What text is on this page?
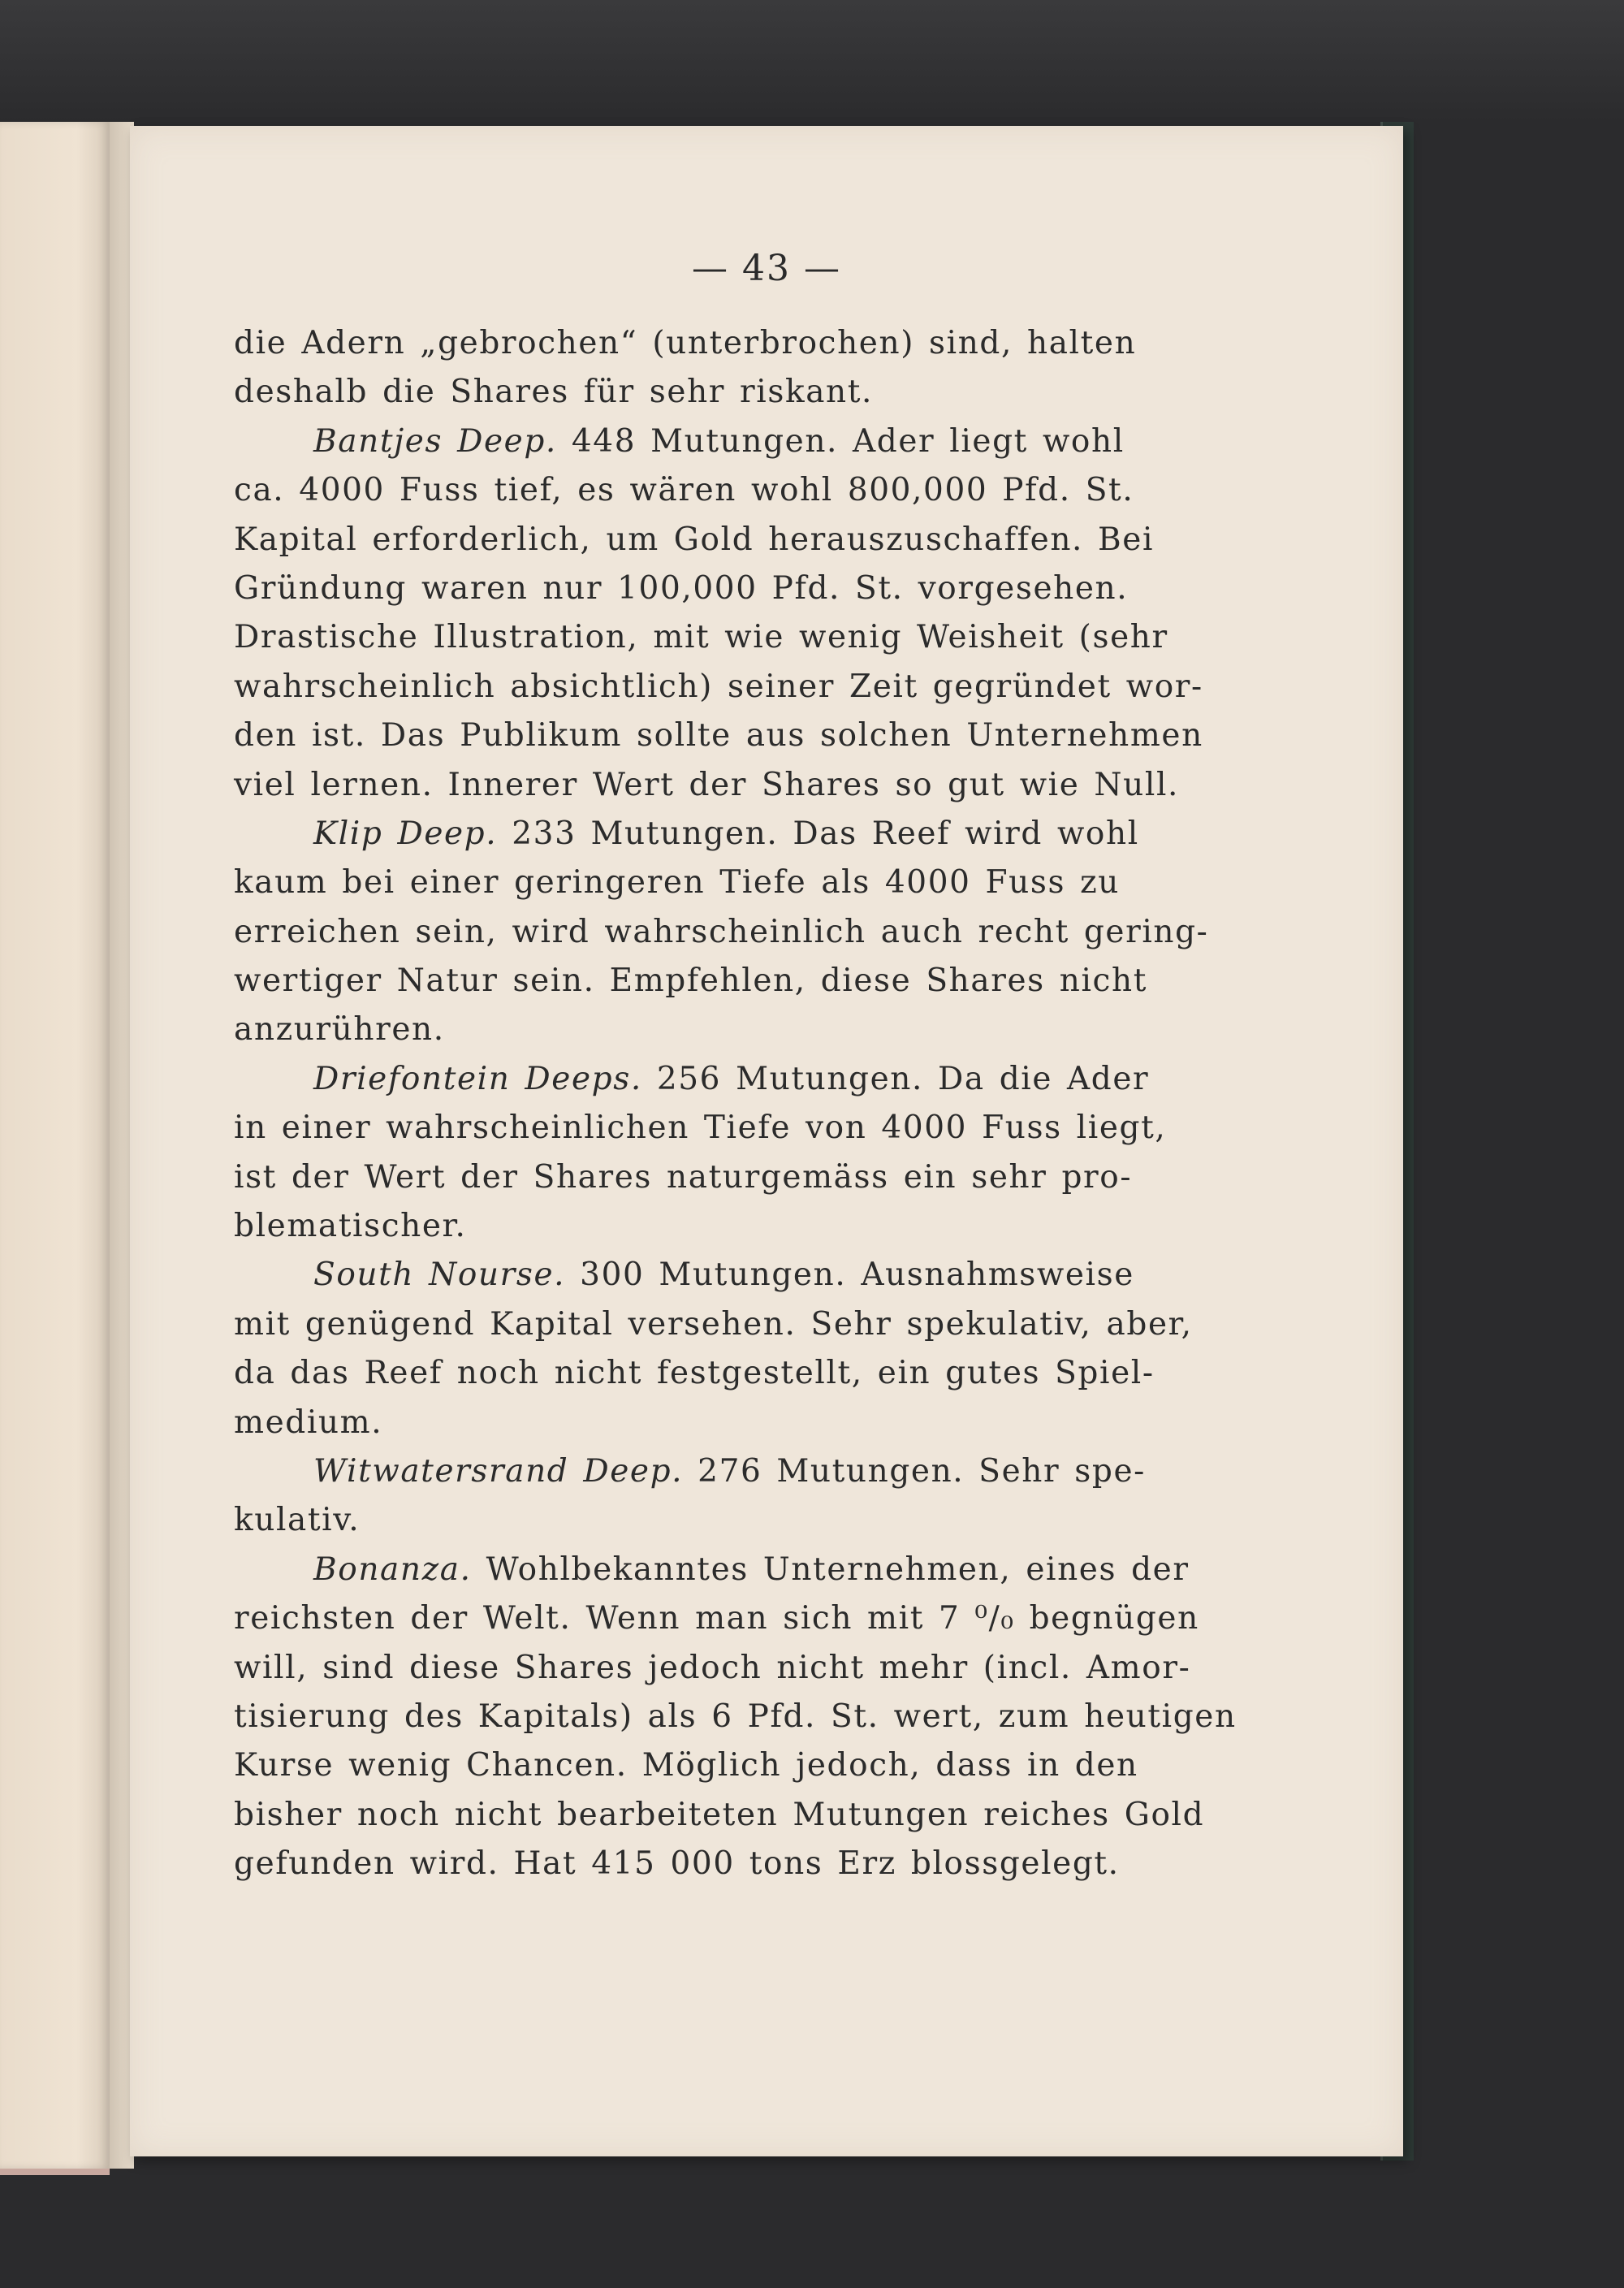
— 43 —
die Adern „gebrochen“ (unterbrochen) sind, halten
deshalb die Shares für sehr riskant.
Bantjes Deep. 448 Mutungen. Ader liegt wohl
ca. 4000 Fuss tief, es wären wohl 800,000 Pfd. St.
Kapital erforderlich, um Gold herauszuschaffen. Bei
Gründung waren nur 100,000 Pfd. St. vorgesehen.
Drastische Illustration, mit wie wenig Weisheit (sehr
wahrscheinlich absichtlich) seiner Zeit gegründet wor-
den ist. Das Publikum sollte aus solchen Unternehmen
viel lernen. Innerer Wert der Shares so gut wie Null.
Klip Deep. 233 Mutungen. Das Reef wird wohl
kaum bei einer geringeren Tiefe als 4000 Fuss zu
erreichen sein, wird wahrscheinlich auch recht gering-
wertiger Natur sein. Empfehlen, diese Shares nicht
anzurühren.
Driefontein Deeps. 256 Mutungen. Da die Ader
in einer wahrscheinlichen Tiefe von 4000 Fuss liegt,
ist der Wert der Shares naturgemäss ein sehr pro-
blematischer.
South Nourse. 300 Mutungen. Ausnahmsweise
mit genügend Kapital versehen. Sehr spekulativ, aber,
da das Reef noch nicht festgestellt, ein gutes Spiel-
medium.
Witwatersrand Deep. 276 Mutungen. Sehr spe-
kulativ.
Bonanza. Wohlbekanntes Unternehmen, eines der
reichsten der Welt. Wenn man sich mit 7 ⁰/₀ begnügen
will, sind diese Shares jedoch nicht mehr (incl. Amor-
tisierung des Kapitals) als 6 Pfd. St. wert, zum heutigen
Kurse wenig Chancen. Möglich jedoch, dass in den
bisher noch nicht bearbeiteten Mutungen reiches Gold
gefunden wird. Hat 415 000 tons Erz blossgelegt.
